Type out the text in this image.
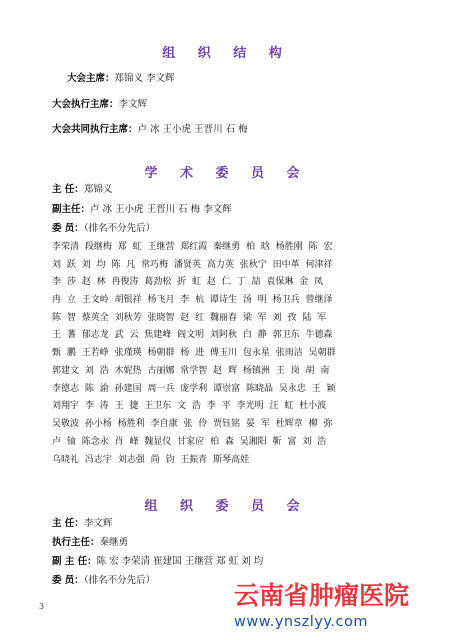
组 织 结 构
大会主席：郑锦义 李文辉
大会执行主席：李文辉
大会共同执行主席：卢 冰 王小虎 王晋川 石 梅
学 术 委 员 会
主 任：郑锦义
副主任：卢 冰 王小虎 王晋川 石 梅 李文辉
委 员：（排名不分先后）
李荣清 段继梅 郑 虹 王继营 郑红霞 秦继勇 柏 晗 杨胜刚 陈 宏
刘 跃 刘 均 陈 凡 常巧梅 潘贤英 高力英 张秋宁 田中革 何津祥
李 莎 赵 林 冉俊涛 葛劲松 折 虹 赵 仁 丁 喆 袁保琳 金 凤
冉 立 王文岭 胡银祥 杨飞月 李 杭 谭诗生 汤 明 杨卫兵 曾继泽
陈 智 蔡英全 刘秋芳 张晓智 赵 红 魏丽春 梁 军 刘 孜 陆 军
王 蓍 郁志龙 武 云 焦建峰 阎文明 刘阿秋 白 静 郭卫东 牛德森
甄 鹏 王若峥 张瑾瑛 杨朝群 杨 进 傅玉川 包永星 张雨洁 吴朝群
郭建文 刘 浩 木妮热 古丽娜 常学智 赵 辉 杨镇洲 王 岗 胡 南
李德志 陈 渝 孙建国 周一兵 庞学利 谭崇富 陈晓晶 吴永忠 王 颖
刘翔宇 李 涛 王 捷 王卫东 文 浩 李 平 李光明 汪 虹 杜小波
吴敬波 孙小杨 杨胜利 李自康 张 伶 贾钰铭 晏 军 杜辉章 柳 弥
卢 铀 陈念永 肖 峰 魏显仪 甘家应 柏 森 吴湘阳 靳 富 刘 浩
乌晓礼 冯志宇 刘志强 尚 钧 王振青 斯琴高娃
组 织 委 员 会
主 任：李文辉
执行主任：秦继勇
副 主 任：陈 宏 李荣清 崔建国 王继营 郑 虹 刘 均
委 员：（排名不分先后）
3	云南省肿瘤医院
www.ynszlyy.com
